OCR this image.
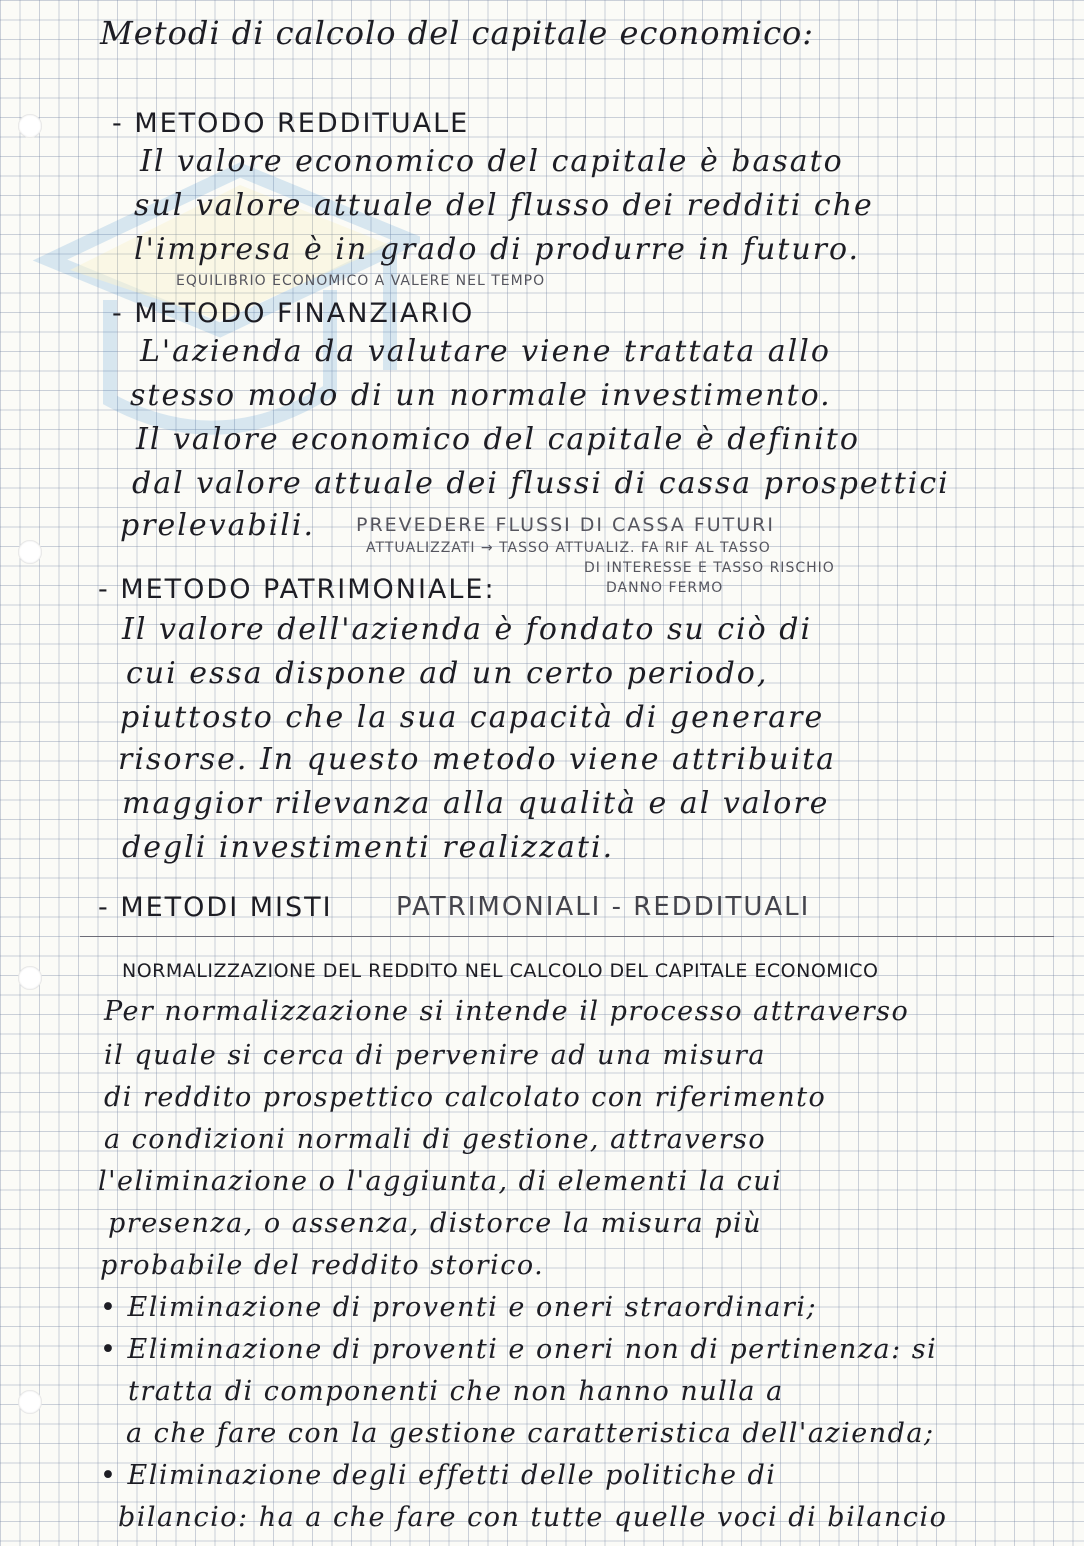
Metodi di calcolo del capitale economico:
- METODO REDDITUALE
Il valore economico del capitale è basato
sul valore attuale del flusso dei redditi che
l'impresa è in grado di produrre in futuro.
EQUILIBRIO ECONOMICO A VALERE NEL TEMPO
- METODO FINANZIARIO
L'azienda da valutare viene trattata allo
stesso modo di un normale investimento.
Il valore economico del capitale è definito
dal valore attuale dei flussi di cassa prospettici
prelevabili. PREVEDERE FLUSSI DI CASSA FUTURI
ATTUALIZZATI → TASSO ATTUALIZ. FA RIF AL TASSO
DI INTERESSE E TASSO RISCHIO
DANNO FERMO
- METODO PATRIMONIALE:
Il valore dell'azienda è fondato su ciò di
cui essa dispone ad un certo periodo,
piuttosto che la sua capacità di generare
risorse. In questo metodo viene attribuita
maggior rilevanza alla qualità e al valore
degli investimenti realizzati.
- METODI MISTI PATRIMONIALI - REDDITUALI
NORMALIZZAZIONE DEL REDDITO NEL CALCOLO DEL CAPITALE ECONOMICO
Per normalizzazione si intende il processo attraverso
il quale si cerca di pervenire ad una misura
di reddito prospettico calcolato con riferimento
a condizioni normali di gestione, attraverso
l'eliminazione o l'aggiunta, di elementi la cui
presenza, o assenza, distorce la misura più
probabile del reddito storico.
• Eliminazione di proventi e oneri straordinari;
• Eliminazione di proventi e oneri non di pertinenza: si
tratta di componenti che non hanno nulla a
a che fare con la gestione caratteristica dell'azienda;
• Eliminazione degli effetti delle politiche di
bilancio: ha a che fare con tutte quelle voci di bilancio
